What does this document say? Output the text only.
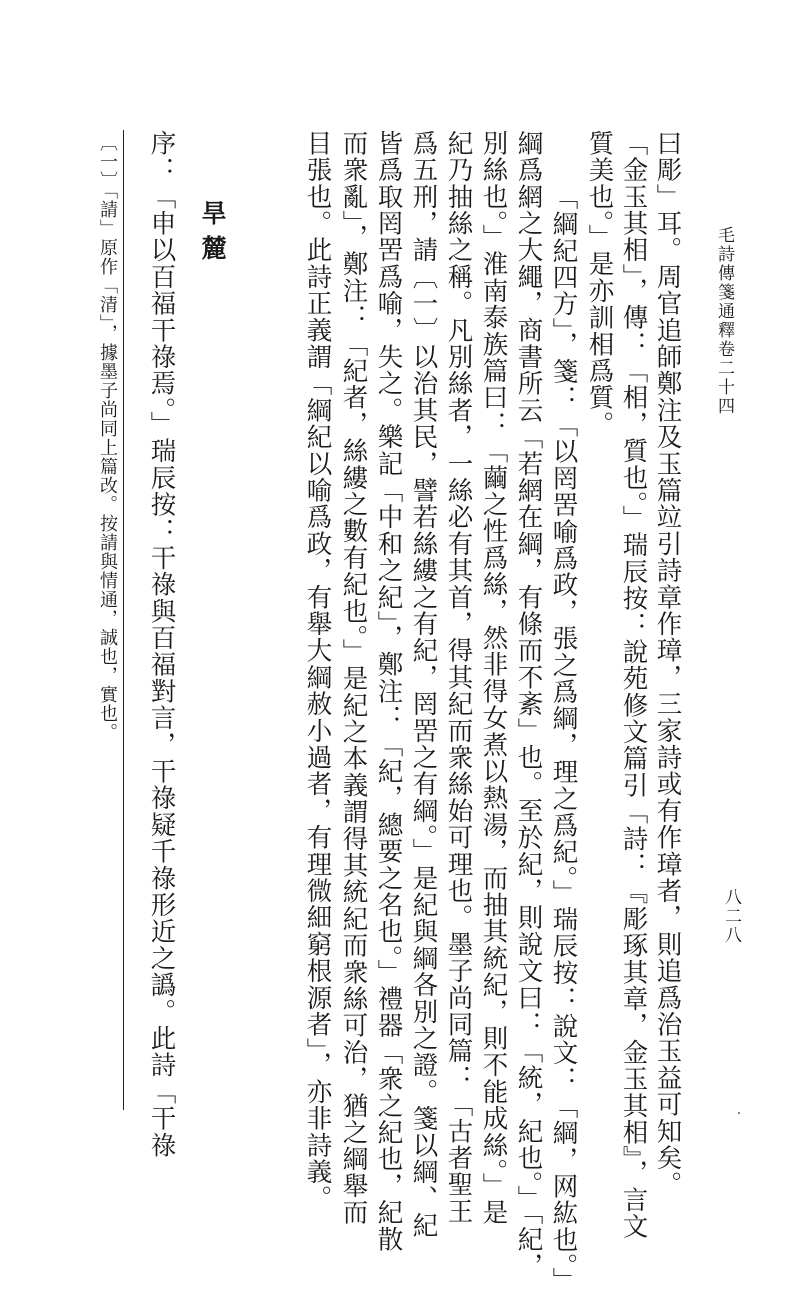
毛詩傳箋通釋卷二十四
八二八
曰彫」耳。周官追師鄭注及玉篇竝引詩章作璋，三家詩或有作璋者，則追爲治玉益可知矣。
「金玉其相」，傳：「相，質也。」瑞辰按：說苑修文篇引「詩：『彫琢其章，金玉其相』，言文
質美也。」是亦訓相爲質。
「綱紀四方」，箋：「以罔罟喻爲政，張之爲綱，理之爲紀。」瑞辰按：說文：「綱，网紘也。」
綱爲網之大繩，商書所云「若網在綱，有條而不紊」也。至於紀，則說文曰：「統，紀也。」「紀，
別絲也。」淮南泰族篇曰：「繭之性爲絲，然非得女煮以熱湯，而抽其統紀，則不能成絲。」是
紀乃抽絲之稱。凡別絲者，一絲必有其首，得其紀而衆絲始可理也。墨子尚同篇：「古者聖王
爲五刑，請〔一〕以治其民，譬若絲縷之有紀，罔罟之有綱。」是紀與綱各別之證。箋以綱、紀
皆爲取罔罟爲喻，失之。樂記「中和之紀」，鄭注：「紀，總要之名也。」禮器「衆之紀也，紀散
而衆亂」，鄭注：「紀者，絲縷之數有紀也。」是紀之本義謂得其統紀而衆絲可治，猶之綱舉而
目張也。此詩正義謂「綱紀以喻爲政，有舉大綱赦小過者，有理微細窮根源者」，亦非詩義。
旱麓
序：「申以百福干祿焉。」瑞辰按：干祿與百福對言，干祿疑千祿形近之譌。此詩「干祿
〔一〕「請」原作「清」，據墨子尚同上篇改。按請與情通，誠也，實也。
